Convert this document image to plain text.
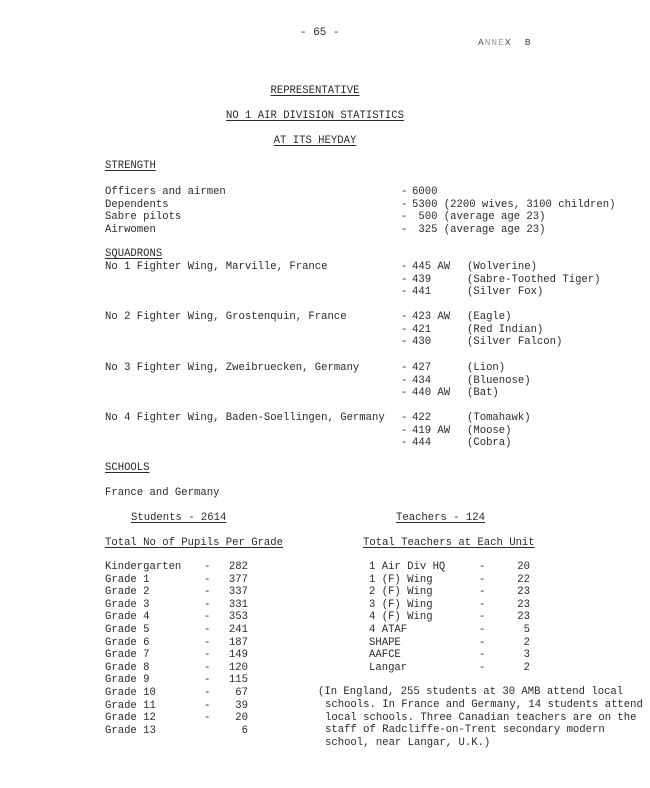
- 65 -
ANNEX  B
REPRESENTATIVE
NO 1 AIR DIVISION STATISTICS
AT ITS HEYDAY
STRENGTH
Officers and airmen	- 6000
Dependents	- 5300 (2200 wives, 3100 children)
Sabre pilots	- 500 (average age 23)
Airwomen	- 325 (average age 23)
SQUADRONS
No 1 Fighter Wing, Marville, France	- 445 AW (Wolverine)
- 439	(Sabre-Toothed Tiger)
- 441	(Silver Fox)
No 2 Fighter Wing, Grostenquin, France	- 423 AW (Eagle)
- 421	(Red Indian)
- 430	(Silver Falcon)
No 3 Fighter Wing, Zweibruecken, Germany	- 427	(Lion)
- 434	(Bluenose)
- 440 AW (Bat)
No 4 Fighter Wing, Baden-Soellingen, Germany - 422	(Tomahawk)
- 419 AW (Moose)
- 444	(Cobra)
SCHOOLS
France and Germany
Students - 2614	Teachers - 124
Total No of Pupils Per Grade	Total Teachers at Each Unit
Kindergarten - 282
Grade 1	- 377
Grade 2	- 337
Grade 3	- 331
Grade 4	- 353
Grade 5	- 241
Grade 6	- 187
Grade 7	- 149
Grade 8	- 120
Grade 9	- 115
Grade 10	-	67
Grade 11	-	39
Grade 12	-	20
Grade 13	6
1 Air Div HQ	-	20
1 (F) Wing	-	22
2 (F) Wing	-	23
3 (F) Wing	-	23
4 (F) Wing	-	23
4 ATAF	-	5
SHAPE	-	2
AAFCE	-	3
Langar	-	2
(In England, 255 students at 30 AMB attend local schools. In France and Germany, 14 students attend local schools. Three Canadian teachers are on the staff of Radcliffe-on-Trent secondary modern school, near Langar, U.K.)
